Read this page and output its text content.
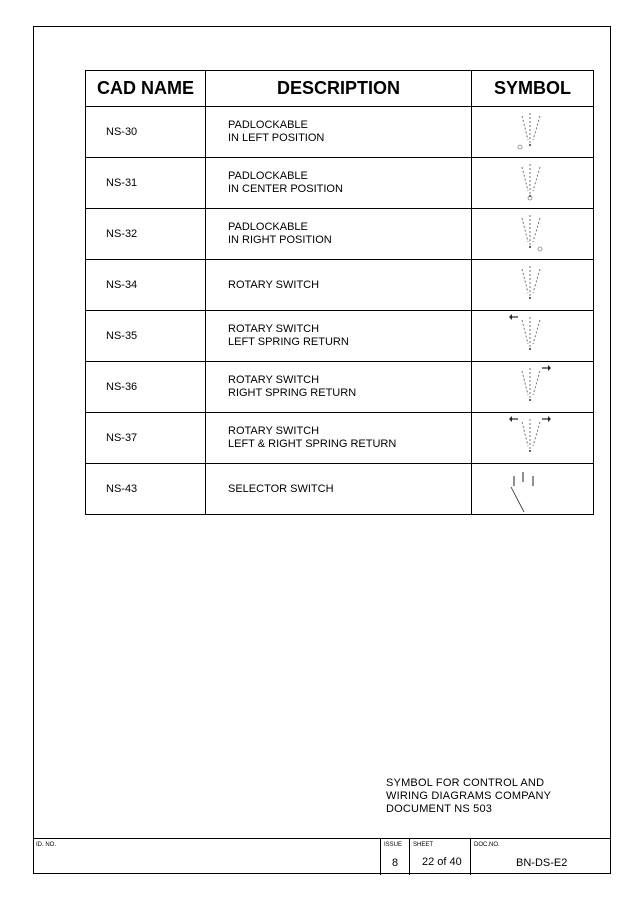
CAD NAME	DESCRIPTION	SYMBOL
NS-30	PADLOCKABLE
IN LEFT POSITION

NS-31	PADLOCKABLE
IN CENTER POSITION

NS-32	PADLOCKABLE
IN RIGHT POSITION

NS-34	ROTARY SWITCH

NS-35	ROTARY SWITCH
LEFT SPRING RETURN

NS-36	ROTARY SWITCH
RIGHT SPRING RETURN

NS-37	ROTARY SWITCH
LEFT & RIGHT SPRING RETURN

NS-43	SELECTOR SWITCH

SYMBOL FOR CONTROL AND
WIRING DIAGRAMS COMPANY
DOCUMENT NS 503
ID. NO.	ISSUE
8
SHEET
22 of 40
DOC.NO.
BN-DS-E2
